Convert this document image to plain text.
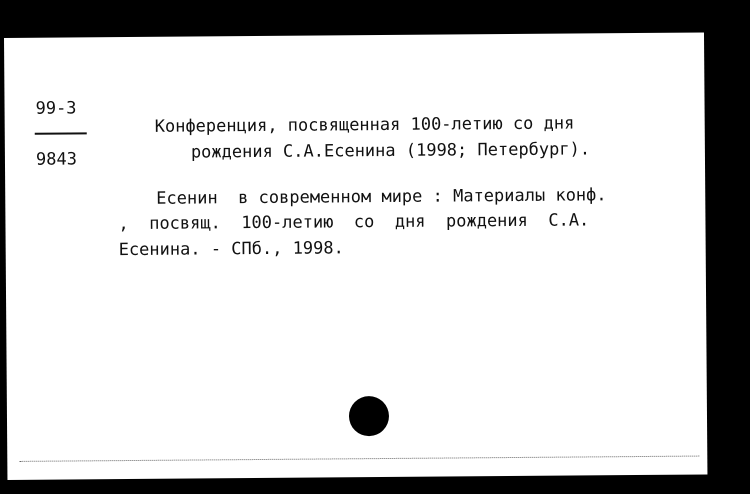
99-3

9843

Конференция, посвященная 100-летию со дня

рождения С.А.Есенина (1998; Петербург).

Есенин  в современном мире : Материалы конф.

,  посвящ.  100-летию  со  дня  рождения  С.А.

Есенина. - СПб., 1998.
